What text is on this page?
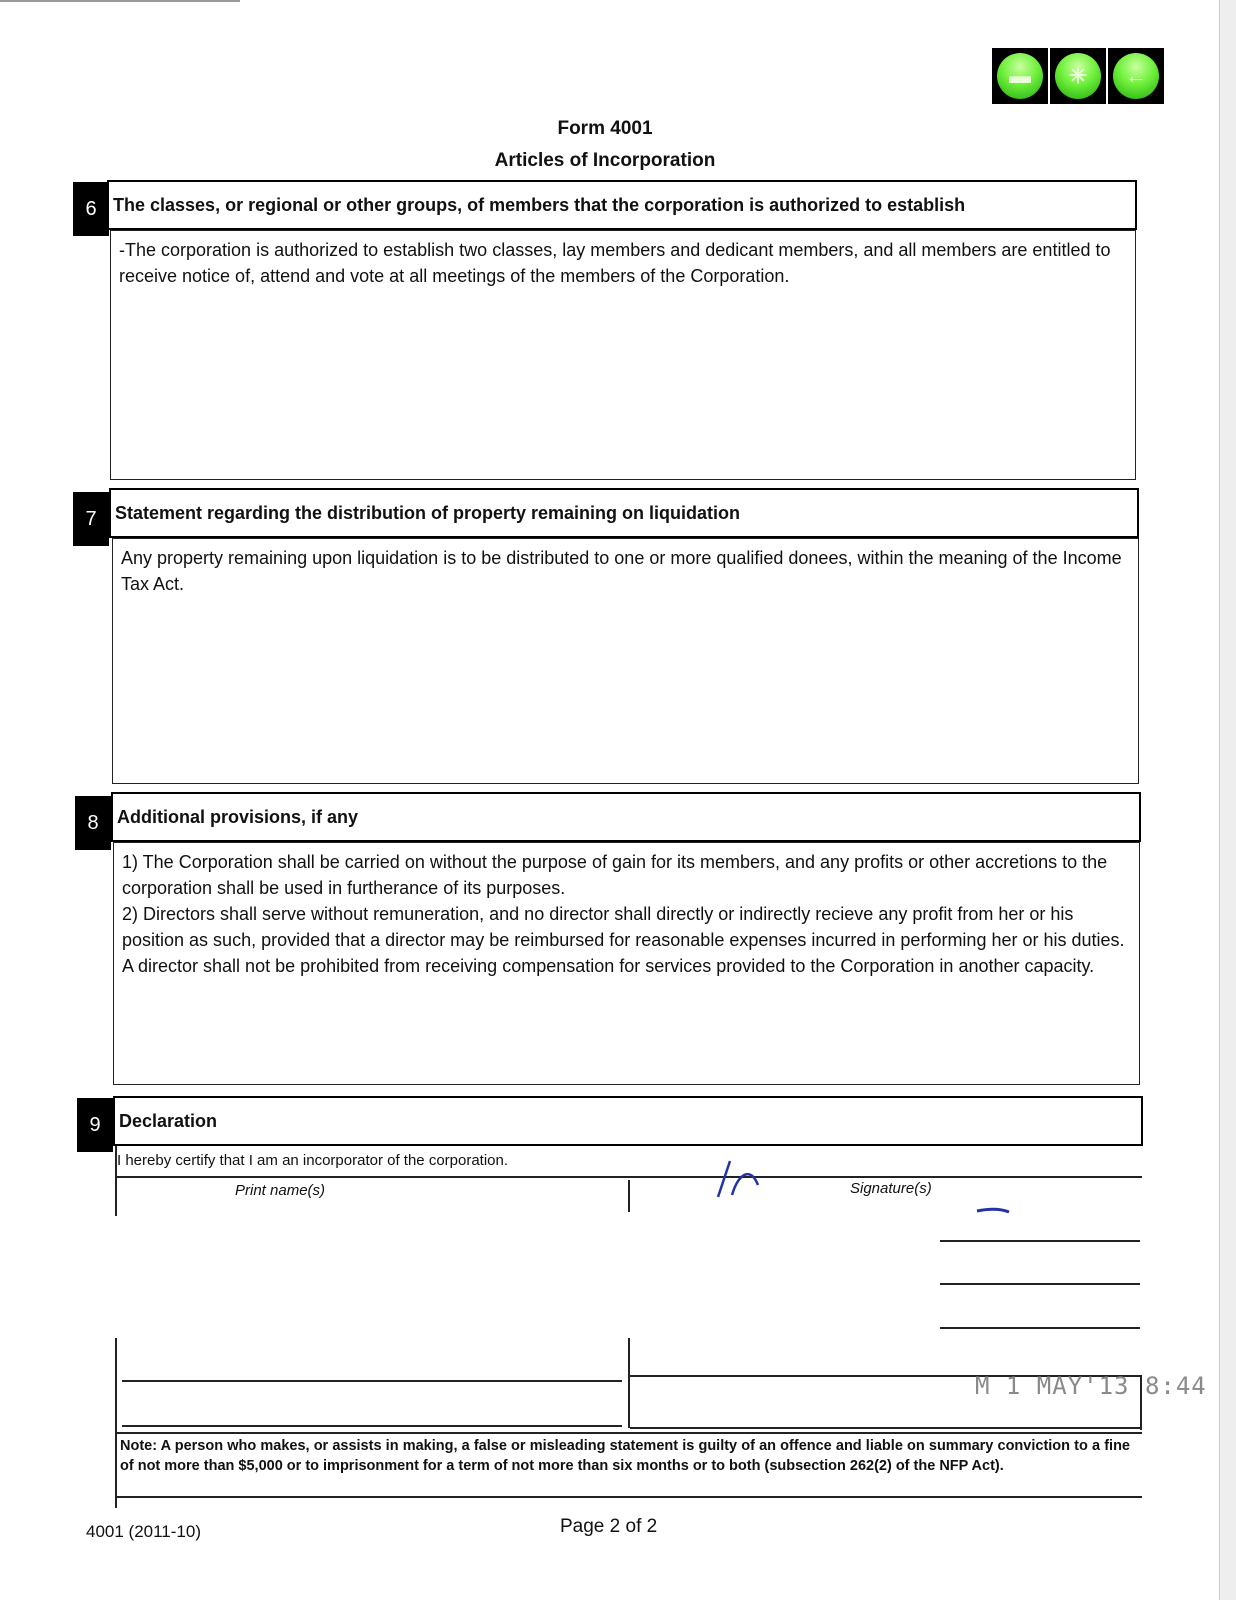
▬	✳	←
Form 4001
Articles of Incorporation
6 The classes, or regional or other groups, of members that the corporation is authorized to establish
-The corporation is authorized to establish two classes, lay members and dedicant members, and all members are entitled to receive notice of, attend and vote at all meetings of the members of the Corporation.
7	Statement regarding the distribution of property remaining on liquidation
Any property remaining upon liquidation is to be distributed to one or more qualified donees, within the meaning of the Income Tax Act.
8	Additional provisions, if any
1) The Corporation shall be carried on without the purpose of gain for its members, and any profits or other accretions to the corporation shall be used in furtherance of its purposes.
2) Directors shall serve without remuneration, and no director shall directly or indirectly recieve any profit from her or his position as such, provided that a director may be reimbursed for reasonable expenses incurred in performing her or his duties. A director shall not be prohibited from receiving compensation for services provided to the Corporation in another capacity.
9	Declaration
I hereby certify that I am an incorporator of the corporation.
Print name(s)	Signature(s)
M 1 MAY'13 8:44
Note: A person who makes, or assists in making, a false or misleading statement is guilty of an offence and liable on summary conviction to a fine of not more than $5,000 or to imprisonment for a term of not more than six months or to both (subsection 262(2) of the NFP Act).
4001 (2011-10)	Page 2 of 2
